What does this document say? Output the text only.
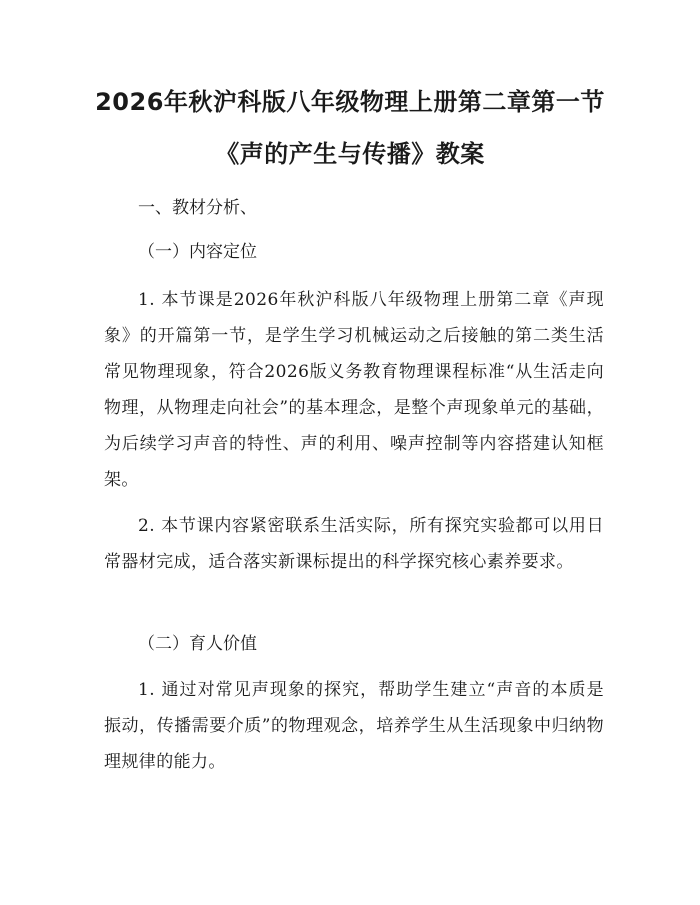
2026年秋沪科版八年级物理上册第二章第一节《声的产生与传播》教案

一、教材分析、

（一）内容定位

1. 本节课是2026年秋沪科版八年级物理上册第二章《声现象》的开篇第一节，是学生学习机械运动之后接触的第二类生活常见物理现象，符合2026版义务教育物理课程标准“从生活走向物理，从物理走向社会”的基本理念，是整个声现象单元的基础，为后续学习声音的特性、声的利用、噪声控制等内容搭建认知框架。

2. 本节课内容紧密联系生活实际，所有探究实验都可以用日常器材完成，适合落实新课标提出的科学探究核心素养要求。

（二）育人价值

1. 通过对常见声现象的探究，帮助学生建立“声音的本质是振动，传播需要介质”的物理观念，培养学生从生活现象中归纳物理规律的能力。
